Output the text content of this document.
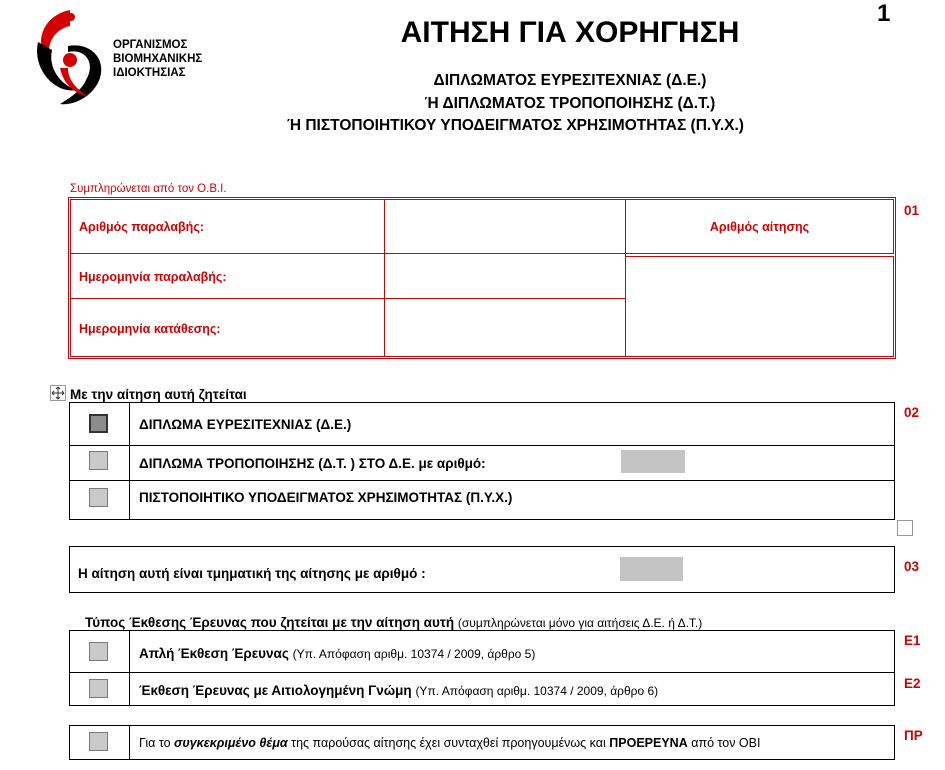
ΟΡΓΑΝΙΣΜΟΣ
ΒΙΟΜΗΧΑΝΙΚΗΣ
ΙΔΙΟΚΤΗΣΙΑΣ
1
ΑΙΤΗΣΗ ΓΙΑ ΧΟΡΗΓΗΣΗ
ΔΙΠΛΩΜΑΤΟΣ ΕΥΡΕΣΙΤΕΧΝΙΑΣ (Δ.Ε.)
Ή ΔΙΠΛΩΜΑΤΟΣ ΤΡΟΠΟΠΟΙΗΣΗΣ (Δ.Τ.)
Ή ΠΙΣΤΟΠΟΙΗΤΙΚΟΥ ΥΠΟΔΕΙΓΜΑΤΟΣ ΧΡΗΣΙΜΟΤΗΤΑΣ (Π.Υ.Χ.)
Συμπληρώνεται από τον Ο.Β.Ι.
Αριθμός παραλαβής:
Ημερομηνία παραλαβής:
Ημερομηνία κατάθεσης:
Αριθμός αίτησης
01
Με την αίτηση αυτή ζητείται
ΔΙΠΛΩΜΑ ΕΥΡΕΣΙΤΕΧΝΙΑΣ (Δ.Ε.)
ΔΙΠΛΩΜΑ ΤΡΟΠΟΠΟΙΗΣΗΣ (Δ.Τ. ) ΣΤΟ Δ.Ε. με αριθμό:
ΠΙΣΤΟΠΟΙΗΤΙΚΟ ΥΠΟΔΕΙΓΜΑΤΟΣ ΧΡΗΣΙΜΟΤΗΤΑΣ (Π.Υ.Χ.)
02
Η αίτηση αυτή είναι τμηματική της αίτησης με αριθμό :	03
Τύπος Έκθεσης Έρευνας που ζητείται με την αίτηση αυτή (συμπληρώνεται μόνο για αιτήσεις Δ.Ε. ή Δ.Τ.)
Απλή Έκθεση Έρευνας (Υπ. Απόφαση αριθμ. 10374 / 2009, άρθρο 5)
Έκθεση Έρευνας με Αιτιολογημένη Γνώμη (Υπ. Απόφαση αριθμ. 10374 / 2009, άρθρο 6)
Ε1
Ε2
Για το συγκεκριμένο θέμα της παρούσας αίτησης έχει συνταχθεί προηγουμένως και ΠΡΟΕΡΕΥΝΑ από τον ΟΒΙ	ΠΡ
